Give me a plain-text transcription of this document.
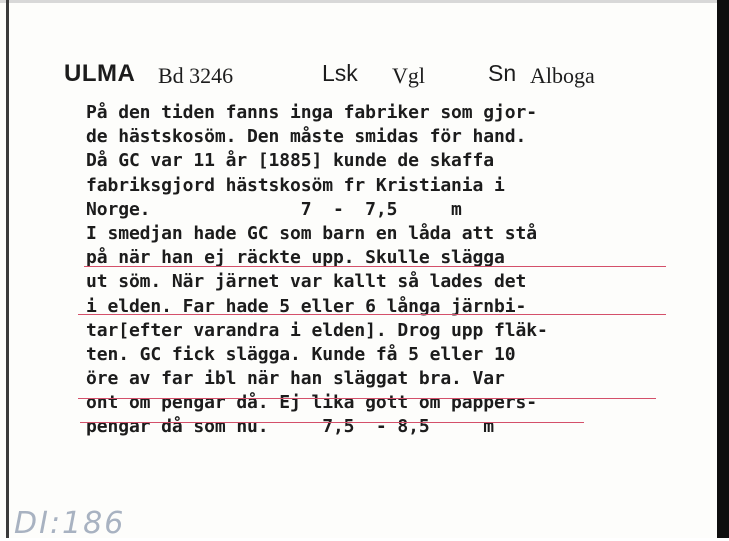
ULMA Bd 3246	Lsk Vgl	Sn Alboga
På den tiden fanns inga fabriker som gjor-
de hästskosöm. Den måste smidas för hand.
Då GC var 11 år [1885] kunde de skaffa
fabriksgjord hästskosöm fr Kristiania i
Norge.              7  -  7,5     m
I smedjan hade GC som barn en låda att stå
på när han ej räckte upp. Skulle slägga
ut söm. När järnet var kallt så lades det
i elden. Far hade 5 eller 6 långa järnbi-
tar[efter varandra i elden]. Drog upp fläk-
ten. GC fick slägga. Kunde få 5 eller 10
öre av far ibl när han släggat bra. Var
ont om pengar då. Ej lika gott om pappers-
pengar då som nu.     7,5  - 8,5     m
DI:186
